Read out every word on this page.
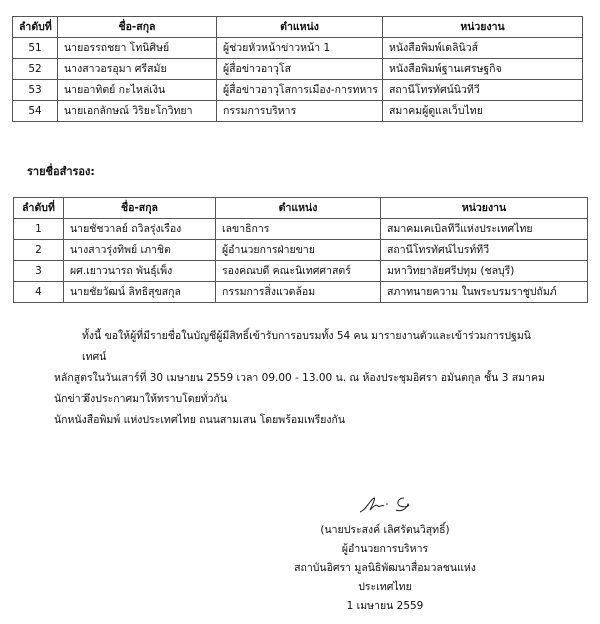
ลำดับที่	ชื่อ-สกุล	ตำแหน่ง	หน่วยงาน
51	นายอรรถชยา โทนิศิษย์	ผู้ช่วยหัวหน้าข่าวหน้า 1	หนังสือพิมพ์เดลินิวส์
52	นางสาวอรอุมา ศรีสมัย	ผู้สื่อข่าวอาวุโส	หนังสือพิมพ์ฐานเศรษฐกิจ
53	นายอาทิตย์ กะไหล่เงิน	ผู้สื่อข่าวอาวุโสการเมือง-การทหาร	สถานีโทรทัศน์นิวทีวี
54	นายเอกลักษณ์ วิริยะโกวิทยา	กรรมการบริหาร	สมาคมผู้ดูแลเว็บไทย
รายชื่อสำรอง:
ลำดับที่	ชื่อ-สกุล	ตำแหน่ง	หน่วยงาน
1	นายชัชวาลย์ ถวิลรุ่งเรือง	เลขาธิการ	สมาคมเคเบิลทีวีแห่งประเทศไทย
2	นางสาวรุ่งทิพย์ เภาชิต	ผู้อำนวยการฝ่ายขาย	สถานีโทรทัศน์ไบรท์ทีวี
3	ผศ.เยาวนารถ พันธุ์เพ็ง	รองคณบดี คณะนิเทศศาสตร์	มหาวิทยาลัยศรีปทุม (ชลบุรี)
4	นายชัยวัฒน์ ลิทธิสุขสกุล	กรรมการสิ่งแวดล้อม	สภาทนายความ ในพระบรมราชูปถัมภ์
ทั้งนี้ ขอให้ผู้ที่มีรายชื่อในบัญชีผู้มีสิทธิ์เข้ารับการอบรมทั้ง 54 คน มารายงานตัวและเข้าร่วมการปฐมนิเทศน์
หลักสูตรในวันเสาร์ที่ 30 เมษายน 2559 เวลา 09.00 - 13.00 น. ณ ห้องประชุมอิศรา อมันตกุล ชั้น 3 สมาคมนักข่าว
นักหนังสือพิมพ์ แห่งประเทศไทย ถนนสามเสน โดยพร้อมเพรียงกัน
จึงประกาศมาให้ทราบโดยทั่วกัน
(นายประสงค์ เลิศรัตนวิสุทธิ์)
ผู้อำนวยการบริหาร
สถาบันอิศรา มูลนิธิพัฒนาสื่อมวลชนแห่งประเทศไทย
1 เมษายน 2559
